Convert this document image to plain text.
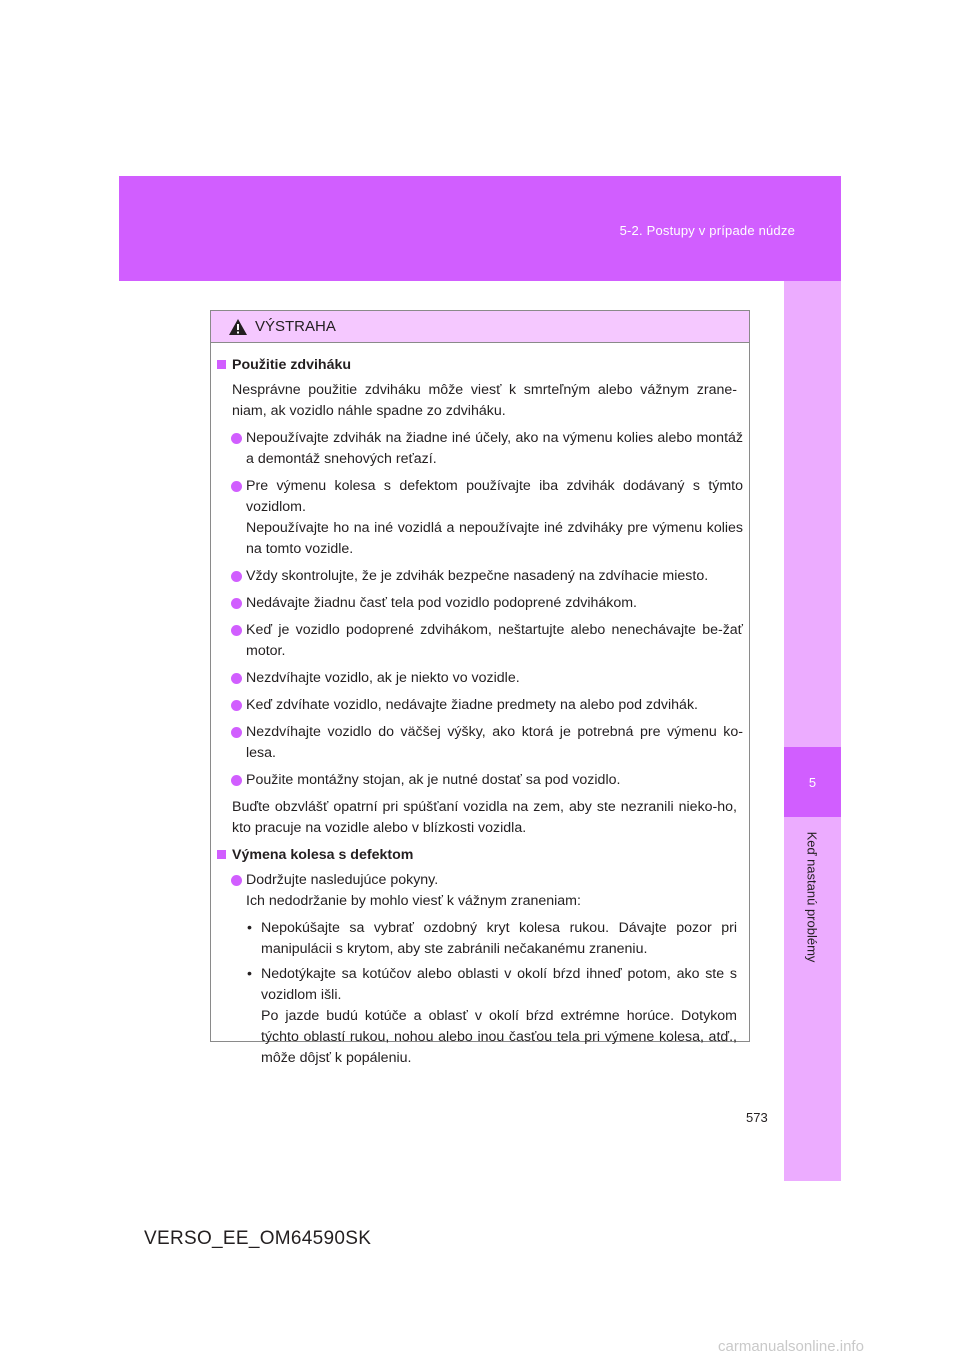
5-2. Postupy v prípade núdze
5
Keď nastanú problémy
VÝSTRAHA
Použitie zdviháku
Nesprávne použitie zdviháku môže viesť k smrteľným alebo vážnym zrane-niam, ak vozidlo náhle spadne zo zdviháku.
Nepoužívajte zdvihák na žiadne iné účely, ako na výmenu kolies alebo montáž a demontáž snehových reťazí.
Pre výmenu kolesa s defektom používajte iba zdvihák dodávaný s týmto vozidlom.
Nepoužívajte ho na iné vozidlá a nepoužívajte iné zdviháky pre výmenu kolies na tomto vozidle.
Vždy skontrolujte, že je zdvihák bezpečne nasadený na zdvíhacie miesto.
Nedávajte žiadnu časť tela pod vozidlo podoprené zdvihákom.
Keď je vozidlo podoprené zdvihákom, neštartujte alebo nenechávajte be-žať motor.
Nezdvíhajte vozidlo, ak je niekto vo vozidle.
Keď zdvíhate vozidlo, nedávajte žiadne predmety na alebo pod zdvihák.
Nezdvíhajte vozidlo do väčšej výšky, ako ktorá je potrebná pre výmenu ko-lesa.
Použite montážny stojan, ak je nutné dostať sa pod vozidlo.
Buďte obzvlášť opatrní pri spúšťaní vozidla na zem, aby ste nezranili nieko-ho, kto pracuje na vozidle alebo v blízkosti vozidla.
Výmena kolesa s defektom
Dodržujte nasledujúce pokyny.
Ich nedodržanie by mohlo viesť k vážnym zraneniam:
• Nepokúšajte sa vybrať ozdobný kryt kolesa rukou. Dávajte pozor pri manipulácii s krytom, aby ste zabránili nečakanému zraneniu.
• Nedotýkajte sa kotúčov alebo oblasti v okolí bŕzd ihneď potom, ako ste s vozidlom išli.
Po jazde budú kotúče a oblasť v okolí bŕzd extrémne horúce. Dotykom týchto oblastí rukou, nohou alebo inou časťou tela pri výmene kolesa, atď., môže dôjsť k popáleniu.
573
VERSO_EE_OM64590SK
carmanualsonline.info
